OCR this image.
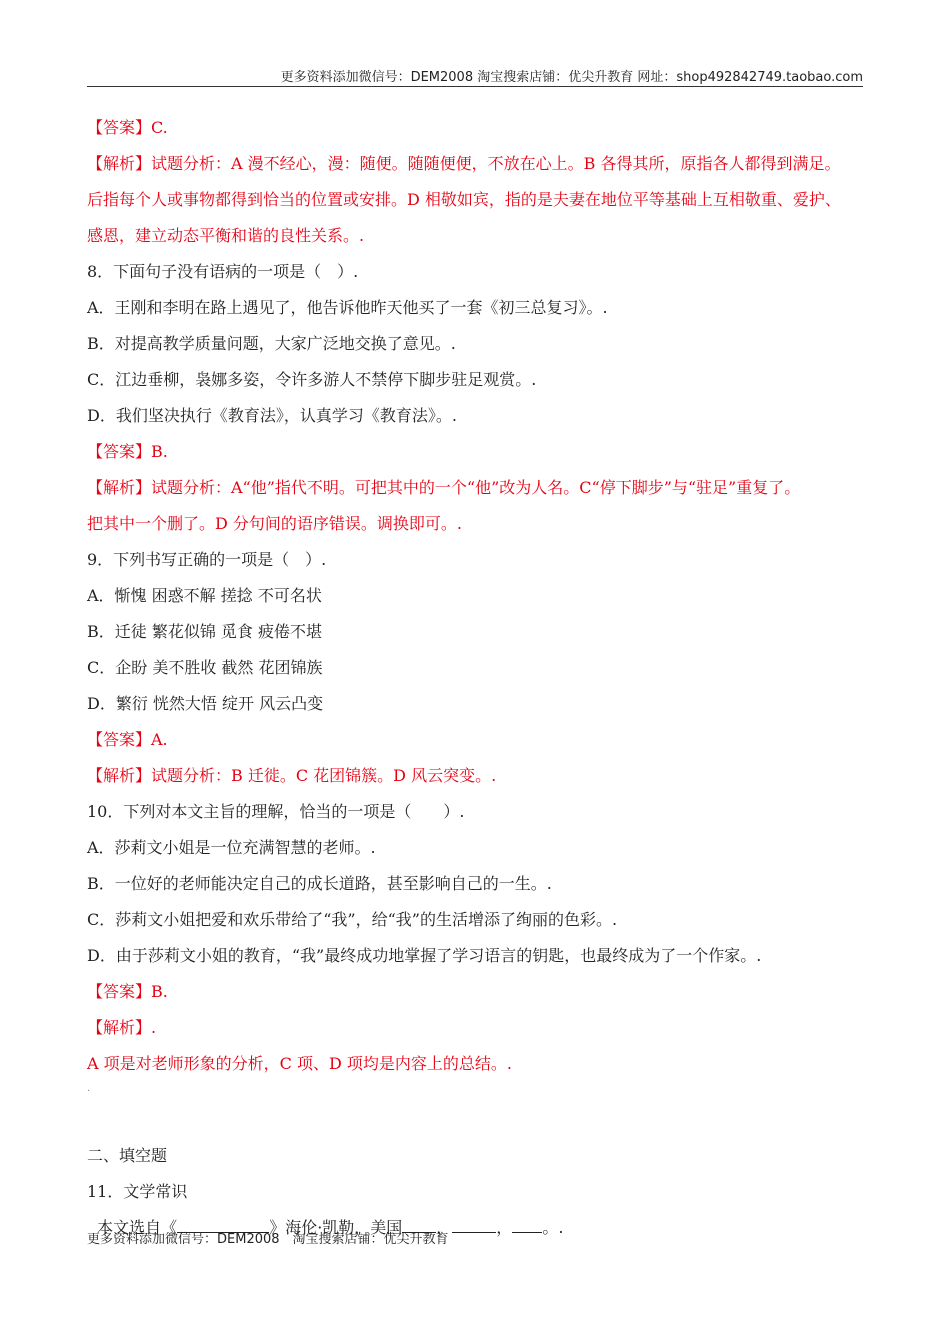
更多资料添加微信号：DEM2008 淘宝搜索店铺：优尖升教育 网址：shop492842749.taobao.com
【答案】C.
【解析】试题分析：A 漫不经心，漫：随便。随随便便，不放在心上。B 各得其所，原指各人都得到满足。
后指每个人或事物都得到恰当的位置或安排。D 相敬如宾，指的是夫妻在地位平等基础上互相敬重、爱护、
感恩，建立动态平衡和谐的良性关系。.
8．下面句子没有语病的一项是（　）.
A．王刚和李明在路上遇见了，他告诉他昨天他买了一套《初三总复习》。.
B．对提高教学质量问题，大家广泛地交换了意见。.
C．江边垂柳，袅娜多姿，令许多游人不禁停下脚步驻足观赏。.
D．我们坚决执行《教育法》，认真学习《教育法》。.
【答案】B.
【解析】试题分析：A“他”指代不明。可把其中的一个“他”改为人名。C“停下脚步”与“驻足”重复了。
把其中一个删了。D 分句间的语序错误。调换即可。.
9．下列书写正确的一项是（　）.
A．惭愧 困惑不解 搓捻 不可名状
B．迁徒 繁花似锦 觅食 疲倦不堪
C．企盼 美不胜收 截然 花团锦族
D．繁衍 恍然大悟 绽开 风云凸变
【答案】A.
【解析】试题分析：B 迁徙。C 花团锦簇。D 风云突变。.
10．下列对本文主旨的理解，恰当的一项是（　　）.
A．莎莉文小姐是一位充满智慧的老师。.
B．一位好的老师能决定自己的成长道路，甚至影响自己的一生。.
C．莎莉文小姐把爱和欢乐带给了“我”，给“我”的生活增添了绚丽的色彩。.
D．由于莎莉文小姐的教育，“我”最终成功地掌握了学习语言的钥匙，也最终成为了一个作家。.
【答案】B.
【解析】.
A 项是对老师形象的分析，C 项、D 项均是内容上的总结。.
·
二、填空题
11．文学常识
本文选自《	》海伦·凯勒，美国 ，	， 。.
更多资料添加微信号：DEM2008　淘宝搜索店铺：优尖升教育
